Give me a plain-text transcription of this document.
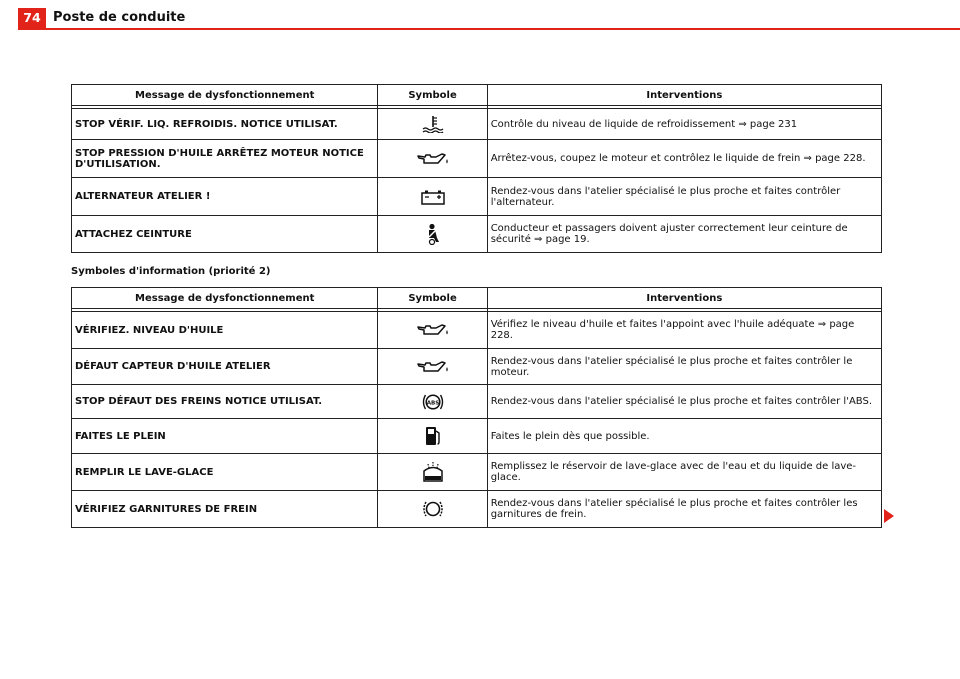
74 Poste de conduite
Message de dysfonctionnement	Symbole	Interventions

STOP VÉRIF. LIQ. REFROIDIS. NOTICE UTILISAT.		Contrôle du niveau de liquide de refroidissement ⇒ page 231
STOP PRESSION D'HUILE ARRÊTEZ MOTEUR NOTICE D'UTILISATION.		Arrêtez-vous, coupez le moteur et contrôlez le liquide de frein ⇒ page 228.
ALTERNATEUR ATELIER !		Rendez-vous dans l'atelier spécialisé le plus proche et faites contrôler l'alternateur.
ATTACHEZ CEINTURE		Conducteur et passagers doivent ajuster correctement leur ceinture de sécurité ⇒ page 19.
Symboles d'information (priorité 2)
Message de dysfonctionnement	Symbole	Interventions

VÉRIFIEZ. NIVEAU D'HUILE		Vérifiez le niveau d'huile et faites l'appoint avec l'huile adéquate ⇒ page 228.
DÉFAUT CAPTEUR D'HUILE ATELIER		Rendez-vous dans l'atelier spécialisé le plus proche et faites contrôler le moteur.
STOP DÉFAUT DES FREINS NOTICE UTILISAT.	ABS	Rendez-vous dans l'atelier spécialisé le plus proche et faites contrôler l'ABS.
FAITES LE PLEIN		Faites le plein dès que possible.
REMPLIR LE LAVE-GLACE		Remplissez le réservoir de lave-glace avec de l'eau et du liquide de lave-glace.
VÉRIFIEZ GARNITURES DE FREIN		Rendez-vous dans l'atelier spécialisé le plus proche et faites contrôler les garnitures de frein.
